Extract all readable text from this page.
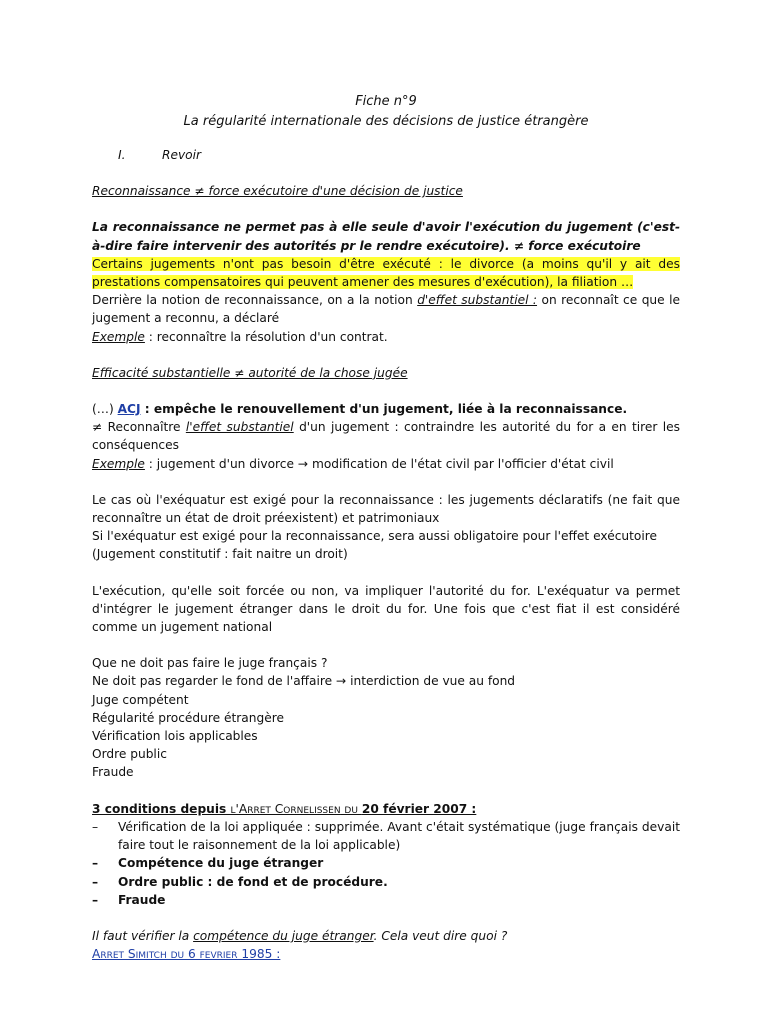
Fiche n°9
La régularité internationale des décisions de justice étrangère
I.	Revoir
Reconnaissance ≠ force exécutoire d'une décision de justice
La reconnaissance ne permet pas à elle seule d'avoir l'exécution du jugement (c'est-à-dire faire intervenir des autorités pr le rendre exécutoire). ≠ force exécutoire
Certains jugements n'ont pas besoin d'être exécuté : le divorce (a moins qu'il y ait des prestations compensatoires qui peuvent amener des mesures d'exécution), la filiation …
Derrière la notion de reconnaissance, on a la notion d'effet substantiel : on reconnaît ce que le jugement a reconnu, a déclaré
Exemple : reconnaître la résolution d'un contrat.
Efficacité substantielle ≠ autorité de la chose jugée
(…) ACJ : empêche le renouvellement d'un jugement, liée à la reconnaissance.
≠ Reconnaître l'effet substantiel d'un jugement : contraindre les autorité du for a en tirer les conséquences
Exemple : jugement d'un divorce → modification de l'état civil par l'officier d'état civil
Le cas où l'exéquatur est exigé pour la reconnaissance : les jugements déclaratifs (ne fait que reconnaître un état de droit préexistent) et patrimoniaux
Si l'exéquatur est exigé pour la reconnaissance, sera aussi obligatoire pour l'effet exécutoire
(Jugement constitutif : fait naitre un droit)
L'exécution, qu'elle soit forcée ou non, va impliquer l'autorité du for. L'exéquatur va permet d'intégrer le jugement étranger dans le droit du for. Une fois que c'est fiat il est considéré comme un jugement national
Que ne doit pas faire le juge français ?
Ne doit pas regarder le fond de l'affaire → interdiction de vue au fond
Juge compétent
Régularité procédure étrangère
Vérification lois applicables
Ordre public
Fraude
3 conditions depuis l'Arret Cornelissen du 20 février 2007 :
– Vérification de la loi appliquée : supprimée. Avant c'était systématique (juge français devait faire tout le raisonnement de la loi applicable)
– Compétence du juge étranger
– Ordre public : de fond et de procédure.
– Fraude
Il faut vérifier la compétence du juge étranger. Cela veut dire quoi ?
Arret Simitch du 6 fevrier 1985 :
